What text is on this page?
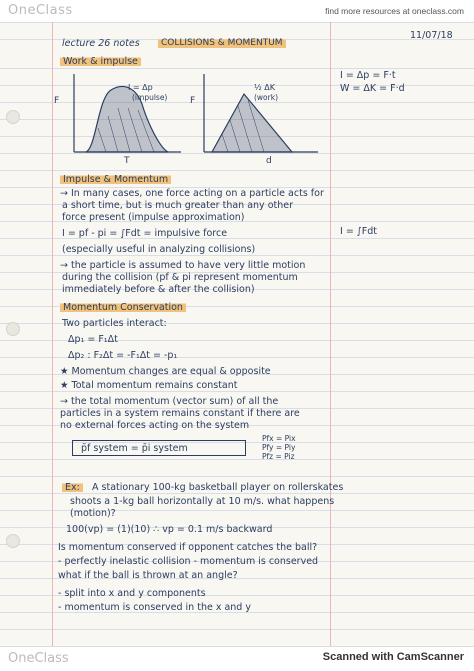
OneClass	find more resources at oneclass.com
lecture 26 notes	COLLISIONS & MOMENTUM
11/07/18
Work & impulse
F
I = Δp
(impulse)
T
F
½ ΔK
(work)
d
I = Δp = F·t
W = ΔK = F·d
I = ∫Fdt
Impulse & Momentum
→ In many cases, one force acting on a particle acts for
a short time, but is much greater than any other
force present (impulse approximation)
I = pf - pi = ∫Fdt = impulsive force
(especially useful in analyzing collisions)
→ the particle is assumed to have very little motion
during the collision (pf & pi represent momentum
immediately before & after the collision)
Momentum Conservation
Two particles interact:
Δp₁ = F₁Δt
Δp₂ : F₂Δt = -F₁Δt = -p₁
★ Momentum changes are equal & opposite
★ Total momentum remains constant
→ the total momentum (vector sum) of all the
particles in a system remains constant if there are
no external forces acting on the system
p̄f system = p̄i system
Pfx = Pix
Pfy = Piy
Pfz = Piz
Ex:	A stationary 100-kg basketball player on rollerskates
shoots a 1-kg ball horizontally at 10 m/s. what happens
(motion)?
100(vp) = (1)(10) ∴ vp = 0.1 m/s backward
Is momentum conserved if opponent catches the ball?
- perfectly inelastic collision - momentum is conserved
what if the ball is thrown at an angle?
- split into x and y components
- momentum is conserved in the x and y
OneClass	Scanned with CamScanner
